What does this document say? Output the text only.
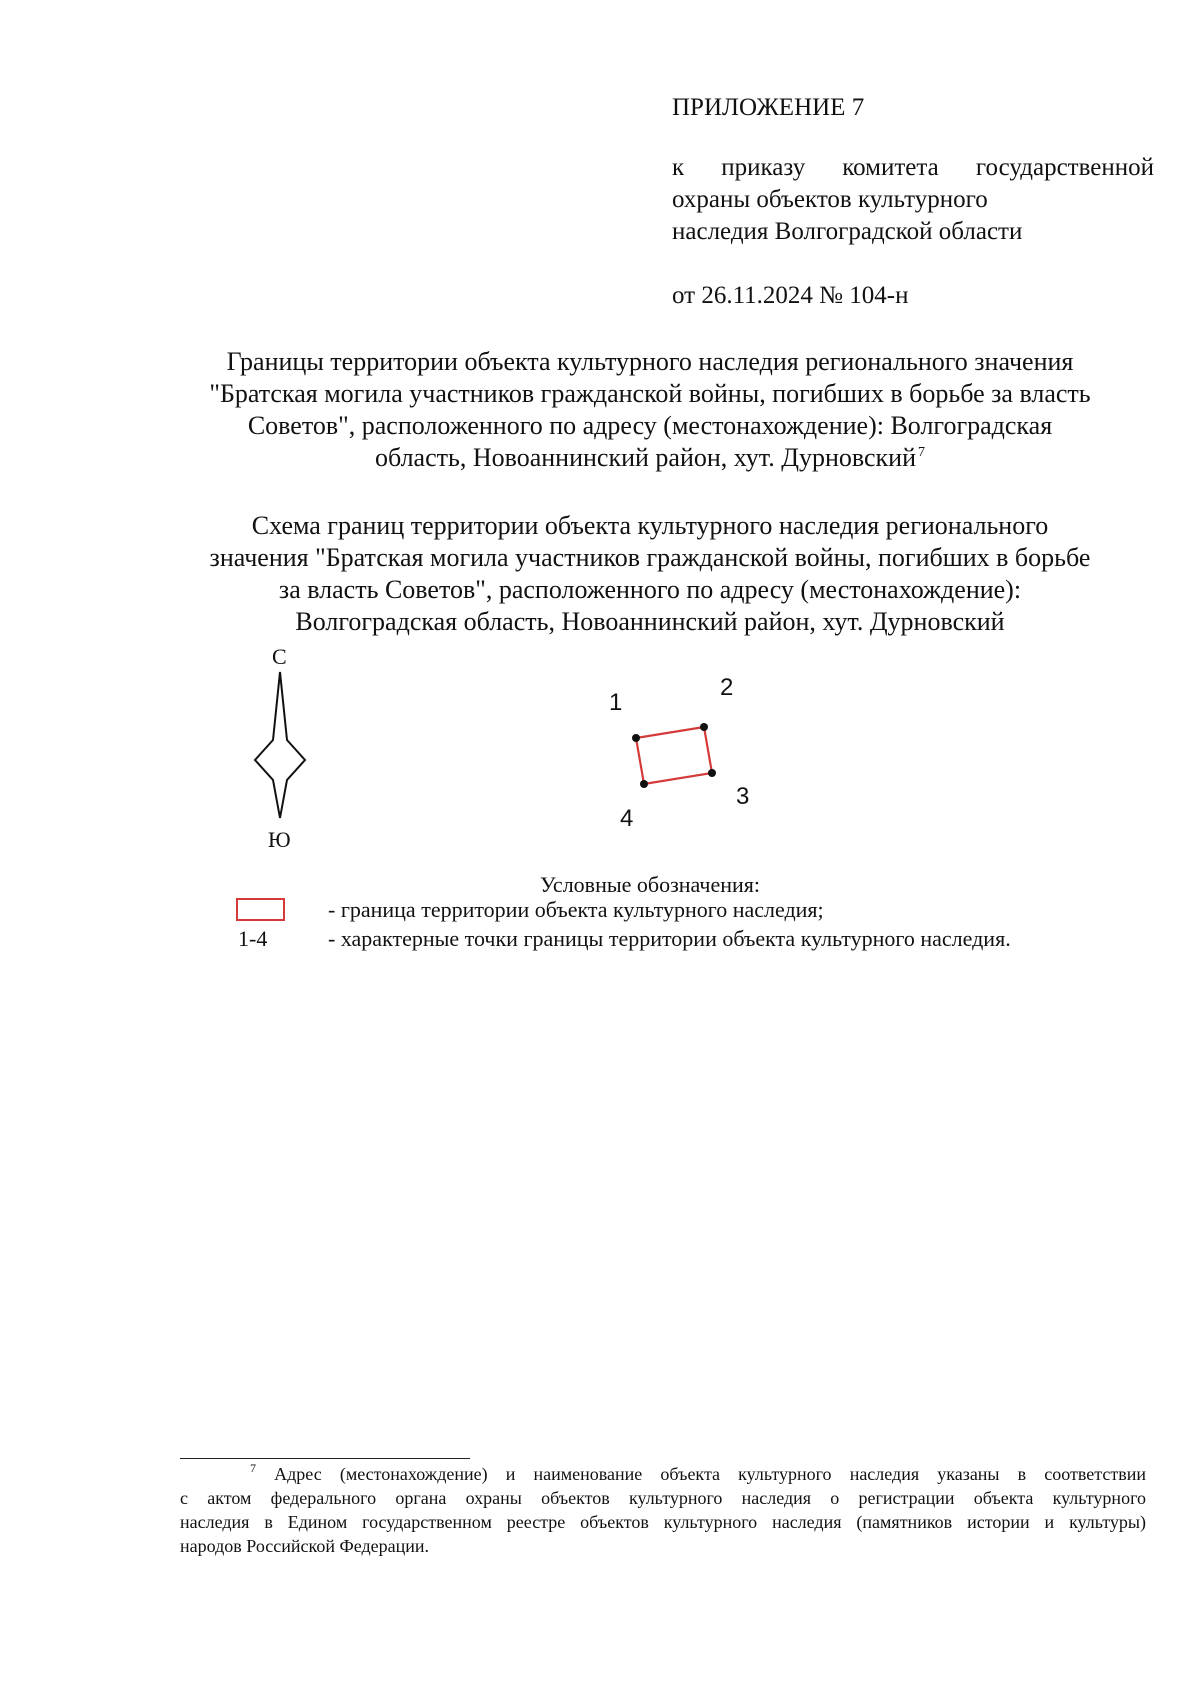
ПРИЛОЖЕНИЕ 7
к приказу комитета государственной
охраны объектов культурного
наследия Волгоградской области
от 26.11.2024 № 104-н
Границы территории объекта культурного наследия регионального значения
"Братская могила участников гражданской войны, погибших в борьбе за власть
Советов", расположенного по адресу (местонахождение): Волгоградская
область, Новоаннинский район, хут. Дурновский $^7$
Схема границ территории объекта культурного наследия регионального
значения "Братская могила участников гражданской войны, погибших в борьбе
за власть Советов", расположенного по адресу (местонахождение):
Волгоградская область, Новоаннинский район, хут. Дурновский
С
Ю
1
2
3
4
Условные обозначения:
- граница территории объекта культурного наследия;
1-4	- характерные точки границы территории объекта культурного наследия.
$^7$ Адрес (местонахождение) и наименование объекта культурного наследия указаны в соответствии
с актом федерального органа охраны объектов культурного наследия о регистрации объекта культурного
наследия в Едином государственном реестре объектов культурного наследия (памятников истории и культуры)
народов Российской Федерации.
